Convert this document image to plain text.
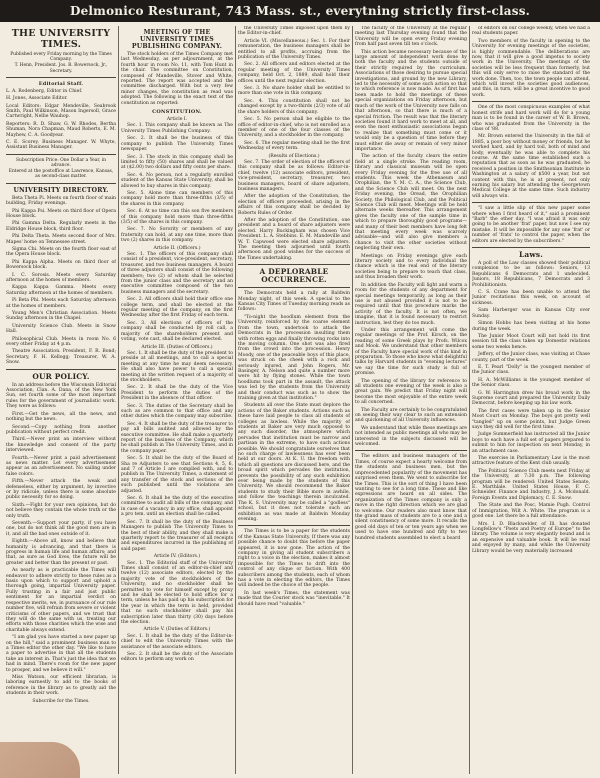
Delmonico Resturant, 743 Mass. st., everytning strictly first-class.
THE UNIVERSITY TIMES.
Published every Friday morning by the Times Company.
T. Henn, President. Jos. B. Bowersock, Jr., Secretary.
Editorial Staff.

L. A. Rodenberg, Editor in Chief.

H. Jones, Associate Editor.

Local Editors: Edgar Mendeville, Seabrook Smith, Paul Wilkinson, Mason Ingersoll, Grace Cartwright, Nellie Wauhop.

Reporters: R. D. Shaw, G. W. Rhodes, Bertha Shuman, Nora Chapman, Maud Roberts, E. M. Mayhew, C. A. Goodyear.

C. E. Scorey. Business Manager. W. Whyte, Assistant Business Manager.

Subscription Price: One Dollar a Year, in advance.
Entered at the postoffice at Lawrence, Kansas, as second-class matter.
UNIVERSITY DIRECTORY.

Beta Theta Pi. Meets on fourth floor of main building, Friday evenings.

Phi Kappa Psi. Meets on third floor of Opera House block.

Phi Gamma Delta. Regularly meets in the Eldridge House block, third floor.

Phi Delta Theta. Meets second floor of Mrs. Mapes' home on Tennessee street.

Sigma Chi. Meets on the fourth floor east of the Opera House block.

Phi Kappa Alpha. Meets on third floor of Bowersock block.

I. C. Sorosis. Meets every Saturday afternoon at the homes of members.

Kappa Kappa Gamma. Meets every Saturday afternoon at the homes of members.

Pi Beta Phi. Meets each Saturday afternoon at the homes of members.

Young Men's Christian Association. Meets Sunday afternoon in the Chapel.

University Science Club. Meets in Snow Hall.

Philosophical Club. Meets in room No. 6 every other Friday at 4 p.m.

Theatre Association. President, F. R. Bond; Secretary, F. H. Kellogg; Treasurer, W. A. Snow.

OUR POLICY.

In an address before the Wisconsin Editorial Association, Clan. A. Dana, of the New York Sun, set fourth some of the most important rules for the government of journalistic work. They were as follows:

First.—Get the news, all the news, and nothing but the news.

Second.—Copy nothing from another publication without perfect credit.

Third.—Never print an interview without the knowledge and consent of the party interviewed.

Fourth.—Never print a paid advertisement as news matter. Let every advertisement appear as an advertisement. No sailing under false colors.

Fifth.—Never attack the weak and defenseless, either by argument, by invective or by ridicule, unless there is some absolute public necessity for so doing.

Sixth.—Fight for your own opinions, but do not believe they contain the whole truth or the only truth.

Seventh.—Support your party, if you have one, but do not think all the good men are in it, and all the bad ones outside of it.

Eighth.—Above all, know and believe that humanity is advancing, and that there is progress in human life and human affairs; and that, as sure as God lives, the future will be greater and better than the present or past.

As nearly as is practicable the Times will endeavor to adhere strictly to these rules as a basis upon which to support and uphold a thorough going, impartial University paper. Fully trusting in a fair and just public sentiment for an impartial verdict on respective merits, we, in pursuance of our rule number five, will refrain from severe or violent criticisms of other papers, and we trust that they will do the same with us, treating our efforts with those charities which the wise and charitable always extend.

"I am glad you have started a new paper up on the hill," said a prominent business man to a Times editor the other day. "We like to have a paper to advertise in that all the students take an interest in. That's just the idea that we had in mind. There's room for the new paper to prosper, and we believe it will."

Miss Watson, our efficient librarian, is laboring earnestly to add to the books of reference in the library as to greatly aid the students in their work.

Subscribe for the Times.

MEETING OF THE UNIVERSITY TIMES PUBLISHING COMPANY.

The stock holders of the Times Company met last Wednesday, as per adjournment, at the fourth hour in room No. 11, with Tom Hunt in the chair. The committee on Constitution, composed of Mandeville, Stover and White, reported. The report was accepted and the committee discharged. With but a very few minor changes, the constitution as read was adopted. The following is the exact text of the constitution as reported:

CONSTITUTION.
Article I.

Sec. 1. This company shall be known as The University Times Publishing Company.

Sec. 2. It shall be the business of this company to publish The University Times newspaper.

Sec. 3. The stock in this company shall be limited to fifty (50) shares and shall be valued at ($2.00) two dollars and fifty cents per share.

Sec. 4. No person, not a regularly enrolled student of the Kansas State University, shall be allowed to buy shares in this company.

Sec. 5. Alone time can members of this company hold more than three-fifths (3/5) of the shares in this company.

Sec. 6. At no time can this son five members of this company hold more than three-fifths (3/5) of the shares in this company.

Sec. 7. No Sorority or members of any fraternity can hold, at any one time, more than two (2) shares in this company.

Article II. (Officers.)

Sec. 1. The officers of this company shall consist of a president, vice-president, secretary, treasurer, and two business managers. A board of three adjusters shall consist of the following members; two (2) of whom shall be selected from the junior class and the secretary and an executive committee composed of the two business managers and the secretary.

Sec. 2. All officers shall hold their office one college term, and shall be elected at the regular meeting of the company, on the first Wednesday after the first Friday of each term.

Sec. 3. All elections of officers of the company shall be conducted by roll call, a majority of the shareholders present and voting, vote cast, shall be declared elected.

Article III. (Duties of Officers.)

Sec. 1. It shall be the duty of the president to preside at all meetings, and to call a special meeting at any time he may deem necessary. He shall also have power to call a special meeting at the written request of a majority of the stockholders.

Sec. 2. It shall be the duty of the Vice President to perform the duties of the President in the absence of that officer.

Sec. 3. The duties of the Secretary shall be such as are common to that office and any other duties which the company may subscribe.

Sec. 4. It shall be the duty of the treasurer to pay all bills audited and allowed by the executive committee. He shall make a quarterly report of the business of the Company, which he shall publish in The University Times, and in the company paper.

Sec. 5. It shall be the duty of the Board of Sha re Adjusters to see that Sections 4, 5, 6, and 7 of Article I are complied with, and to publish in The University Times, a statement of any transfer of the stock and sections of the such published until the violations are adjusted.

Sec. 6. It shall be the duty of the executive committee to audit all bills of the company, and in case of a vacancy in any office, shall appoint a pro tem. until an election shall be called.

Sec. 7. It shall be the duty of the Business Managers to publish The University Times to the best of their ability, and they shall make a quarterly report to the treasurer of all receipts and expenditures incurred in the publishing of said paper.

Article IV. (Editors.)

Sec. 1. The Editorial staff of the University Times shall consist of an editor-in-chief and twelve (12) associate editors, elected by the majority vote of the stockholders of the University, and no stockholder shall be permitted to vote for himself except by proxy and he shall be elected to hold office for a term, unless he has paid up his subscription for the year in which the term is held, provided that no such stockholder shall pay his subscription later than thirty (30) days before the election.

Article V. (Duties of Editors.)

Sec. 1. It shall be the duty of the Editor-in-chief to edit the University Times with the assistance of the associate editors.

Sec. 2. It shall be the duty of the Associate editors to perform any work on

the University Times imposed upon them by the Editor-in-chief.

Article VI. (Miscellaneous.) Sec. 1. For their remuneration, the business managers shall be entitled to all profits, accruing from the publication of the University Times.

Sec. 2. All officers and editors elected at the regular meeting of the University Times company, held Oct. 2, 1889, shall hold their offices until the next regular election.

Sec. 3. No share holder shall be entitled to more than one vote in this company.

Sec. 4. This constitution shall not be changed except by a two-thirds (2/3) vote of all the share holders of this company.

Sec. 5. No person shall be eligible to the office of editor-in-chief, who is not enrolled as a member of one of the four classes of the University, and a stockholder in the company.

Sec. 6. The regular meeting shall be the first Wednesday of every term.

(Results of Elections.)

Sec. 7. The order of election of the officers of this company shall be as follows: Editor-in-chief, twelve (12) associate editors, president, vice-president, secretary, treasurer, two business managers, board of share adjusters, business managers.

After the adoption of the Constitution, the election of officers proceeded, arising in the affairs of this company shall be decided by Roberts Rules of Order.

After the adoption of the Constitution, one president and a board of share adjusters were elected. Harry Buckingham was chosen Vice President. L. A. Stebbins. E. M. Mandeville and W. T. Capwood were elected share adjusters. The meeting then adjourned until fourth afternoon and good wishes for the success of the Times undertaking.

A DEPLORABLE OCCURRENCE.

The Democrats held a rally at Baldwin Monday night, of this week. A special to the Kansas City Times of Tuesday morning reads as follows:

"To-night the hoodlum element from the University, reinforced by the coarse element from the town, undertook to attack the Democrats in the procession insulting them with rotten eggs and finally throwing rocks into the moving column. One shot was also fired from the crowd into the procession. Henry Moody, one of the peaceable boys of this place, was struck on the cheek with a rock and seriously injured, and John Rogers, Mr. Basinger, A. Nelson and quite a number more were hit by flying stones. While the town hoodlums took part in the assault, the attack was led by the students from the University and their conduct was such as to show the training given at that institution."

Students all over the State must deplore the actions of the Baker students. Actions such as these have laid people to class all students of colleges as lawless. While the majority of students at Baker are very much opposed to any such disorder, the atmosphere which pervades that institution must be narrow and partisan in the extreme, to have such actions possible. We should congratulate ourselves that no such charge of lawlessness has ever been held at our doors. At K. U. the freedom with which all questions are discussed here, and the broad spirit which pervades the institution, prevents the possibility of any such exhibition ever being made by the students of this University. We should recommend the Baker students to study their Bible more in awhile, and follow the teachings therein inculcated. The K. S. University may be called a "godless" school, but it does not tolerate such an exhibition as was made at Baldwin Monday evening.

The Times is to be a paper for the students of the Kansas State University. If there was any possible chance to doubt this before the paper appeared, it is now gone. The action of the company in giving all student subscribers a right to a voice in the election, makes it almost impossible for the Times to drift into the control of any clique or faction. With 400 subscribers among the students, each of whom has a vote in electing the editors, the Times will indeed be the choice of the people.

In last week's Times, the statement was made that the Courier stock was "inevitable." It should have read "valuable."

The faculty of the University at the regular meeting last Thursday evening found that the University will be open every Friday evening from half past seven till ten o'clock.

This action became necessary because of the large amount of independent work done by both the faculty and the students outside of their strictly required by the curriculum. Associations of those desiring to pursue special investigations, and ground by the new Library, led to the necessity of some such action so that to which reference is now made. As of first has been made to hold the meetings of these special organizations on Friday afternoon, but much of the work of the University now falls on that afternoon, so that there is much of a special friction. The result was that the literary societies found it hard work to meet at all, and even the most enthusiastic associations began to realize that something must come or it would only be a question of time before they must either die away or remain of very minor importance.

The action of the faculty clears the entire field at a single stroke. The reading room, library and classical museum will be open every Friday evening for the free use of all students. This week the Athenaeum and Orophilian, the Y. M. C. A., the Science Club, and the Science Club will meet. On the next Friday evening, the Oread, the Orophilian Society, the Philological Club, and the Political Science Club will meet. Meetings will be held alternate weeks thereafter. This arrangement gives the faculty one of the sample time in which to prepare thoroughly good programs—and many of their best members have long felt that meeting every week was scarcely advisable—and will also give members a chance to visit the other societies without neglecting their own.

Meetings on Friday evenings give each literary society and to every individual the chance which is the real end of the literary societies being to prepare to teach that class, and thus broaden their work.

In addition the Faculty will light and warm a room for the students of any department for special meetings temporarily, as long as their use is not abused provided it is not to be required until that this procedure marks the activity of the faculty. It is not often, we imagine, that it is found necessary to restrict instruction, lest they do too much.

Under this arrangement will come the regular meetings of the Prof. Kirsch, on the reading of some Greek plays by Profs. Wilcox and Mook. We understand that other members of the Faculty have special work of this kind in preparation. To those who know what delightful talks by Harvard students in "evening lectures" we say the time for such study is full of promise.

The opening of the library for reference to all students one evening of the week is also a great gain. We predict that Friday night will become the most enjoyable of the entire week to all concerned.

The Faculty are certainly to be congratulated on seeing their way clear to such an extension and quickening of all University influences.

We understand that while these meetings are not intended as public meetings all who may be interested in the subjects discussed will be welcomed.

The editors and business managers of the Times, of course expect a hearty welcome from the students and business men, but the unprecedented popularity of the movement has surprised even them. We went to subscribe for the Times. This is the sort of thing I have been wanting to see for a long time. These and like expressions are heard on all sides. The organization of the Times company is only a move in the right direction which we are glad to welcome. Our readers also must know that the grand mass of students are to a one and a silent constituency of some more. It recalls the good old days of ten or ten years ago when we used to have one hundred and fifty to two hundred students assembled to elect a board

of editors on our college weekly, when we had a real students paper.

Two members of the faculty in opening to the University for evening meetings of the societies, is highly commendable. The deliberations are now, that it will give a good impetus to society work in the University. The meetings of the societies will be less frequent than formerly, but this will only serve to raise the standard of the work done. Then, too, the town people can attend, which will invest the societies good audiences, and this, in turn, will be a great incentive to good work.

One of the most conspicuous examples of what honest strife and hard work will do for a young man is to be found in the career of W. B. Brown, who was graduated from the University in the class of '88.

Mr. Brown entered the University in the fall of 1885, a poor boy without money or friends, but he worked hard, and by hard toil, both of mind and body, eventually he was able to complete his course. At the same time established such a reputation that as soon as he was graduated, he received a position in the Smithsonian Institute in Washington at a salary of $500 a year, but not content with this, he is at present, not only earning his salary but attending the Georgetown Medical College at the same time. Such industry will always win.

"I saw a little slip of this new paper some where when I first heard of it," said a prominent "Barb" the other day. "I was afraid it was only going to be another 'frat' paper, but now I see my mistake. It will be impossible for any one 'frat' or number of 'frats' to control the paper, when the editors are elected by the subscribers."

Laws.

A poll of the Law classes showed their political complexion to be as follows: Seniors, 13 Republicans 6 Democrats and 1 undecided. Juniors, 18 Republicans, 7 Democrats and 3 Prohibitionists.

C. S. Crane has been unable to attend the Junior recitations this week, on account of sickness.

Sam Harberger was in Kansas City over Sunday.

Simon Hobbs has been visiting at his home during the week.

The Junior Moot Court will not hold its first session till the class takes up Domestic relations some two weeks hence.

Jeffery, of the Junior class, was visiting at Chase county, part of the week.

E. T. Pearl "Dolly" is the youngest member of the Junior class.

H. A. McWilliams is the youngest member of the Senior class.

G. W. Harrington drew his broad work in the Supreme court and prepared the University Daily Democrat, before keeping up his law work.

The first cases were taken up in the Senior Moot Court on Monday. The boys got pretty well "tangled" up on some points, but Judge Green says they did well for the first time.

Judge Summerfield has instructed all the Junior boys to each have a full set of papers prepared to submit to him for inspection on next Monday, in an attachment case.

The exercise in Parliamentary Law is the most attractive feature of the Kent club usually.

The Political Science Club meets next Friday at the University, at 7:30 p.m. The following program will be rendered: United States Senate, E. Marthlale. United States House, F. C. Schneider. Finance and Industry, J. A. Mcdonald. Foreign Events and Diplomacy, C. E. Snow.

The State and the Posc, Mamie Pugh. Control of Immigration, Wilt A. White. The program is a good one. Let there be a full attendance.

Mrs. I. D. Blackwelder, of Ill. has donated Longfellow's "Poets and Poetry of Europe" to the library. The volume is very elegantly bound and is an expensive and valuable book. It will be read and enjoyed by many, and while the University Library would be very materially increased
